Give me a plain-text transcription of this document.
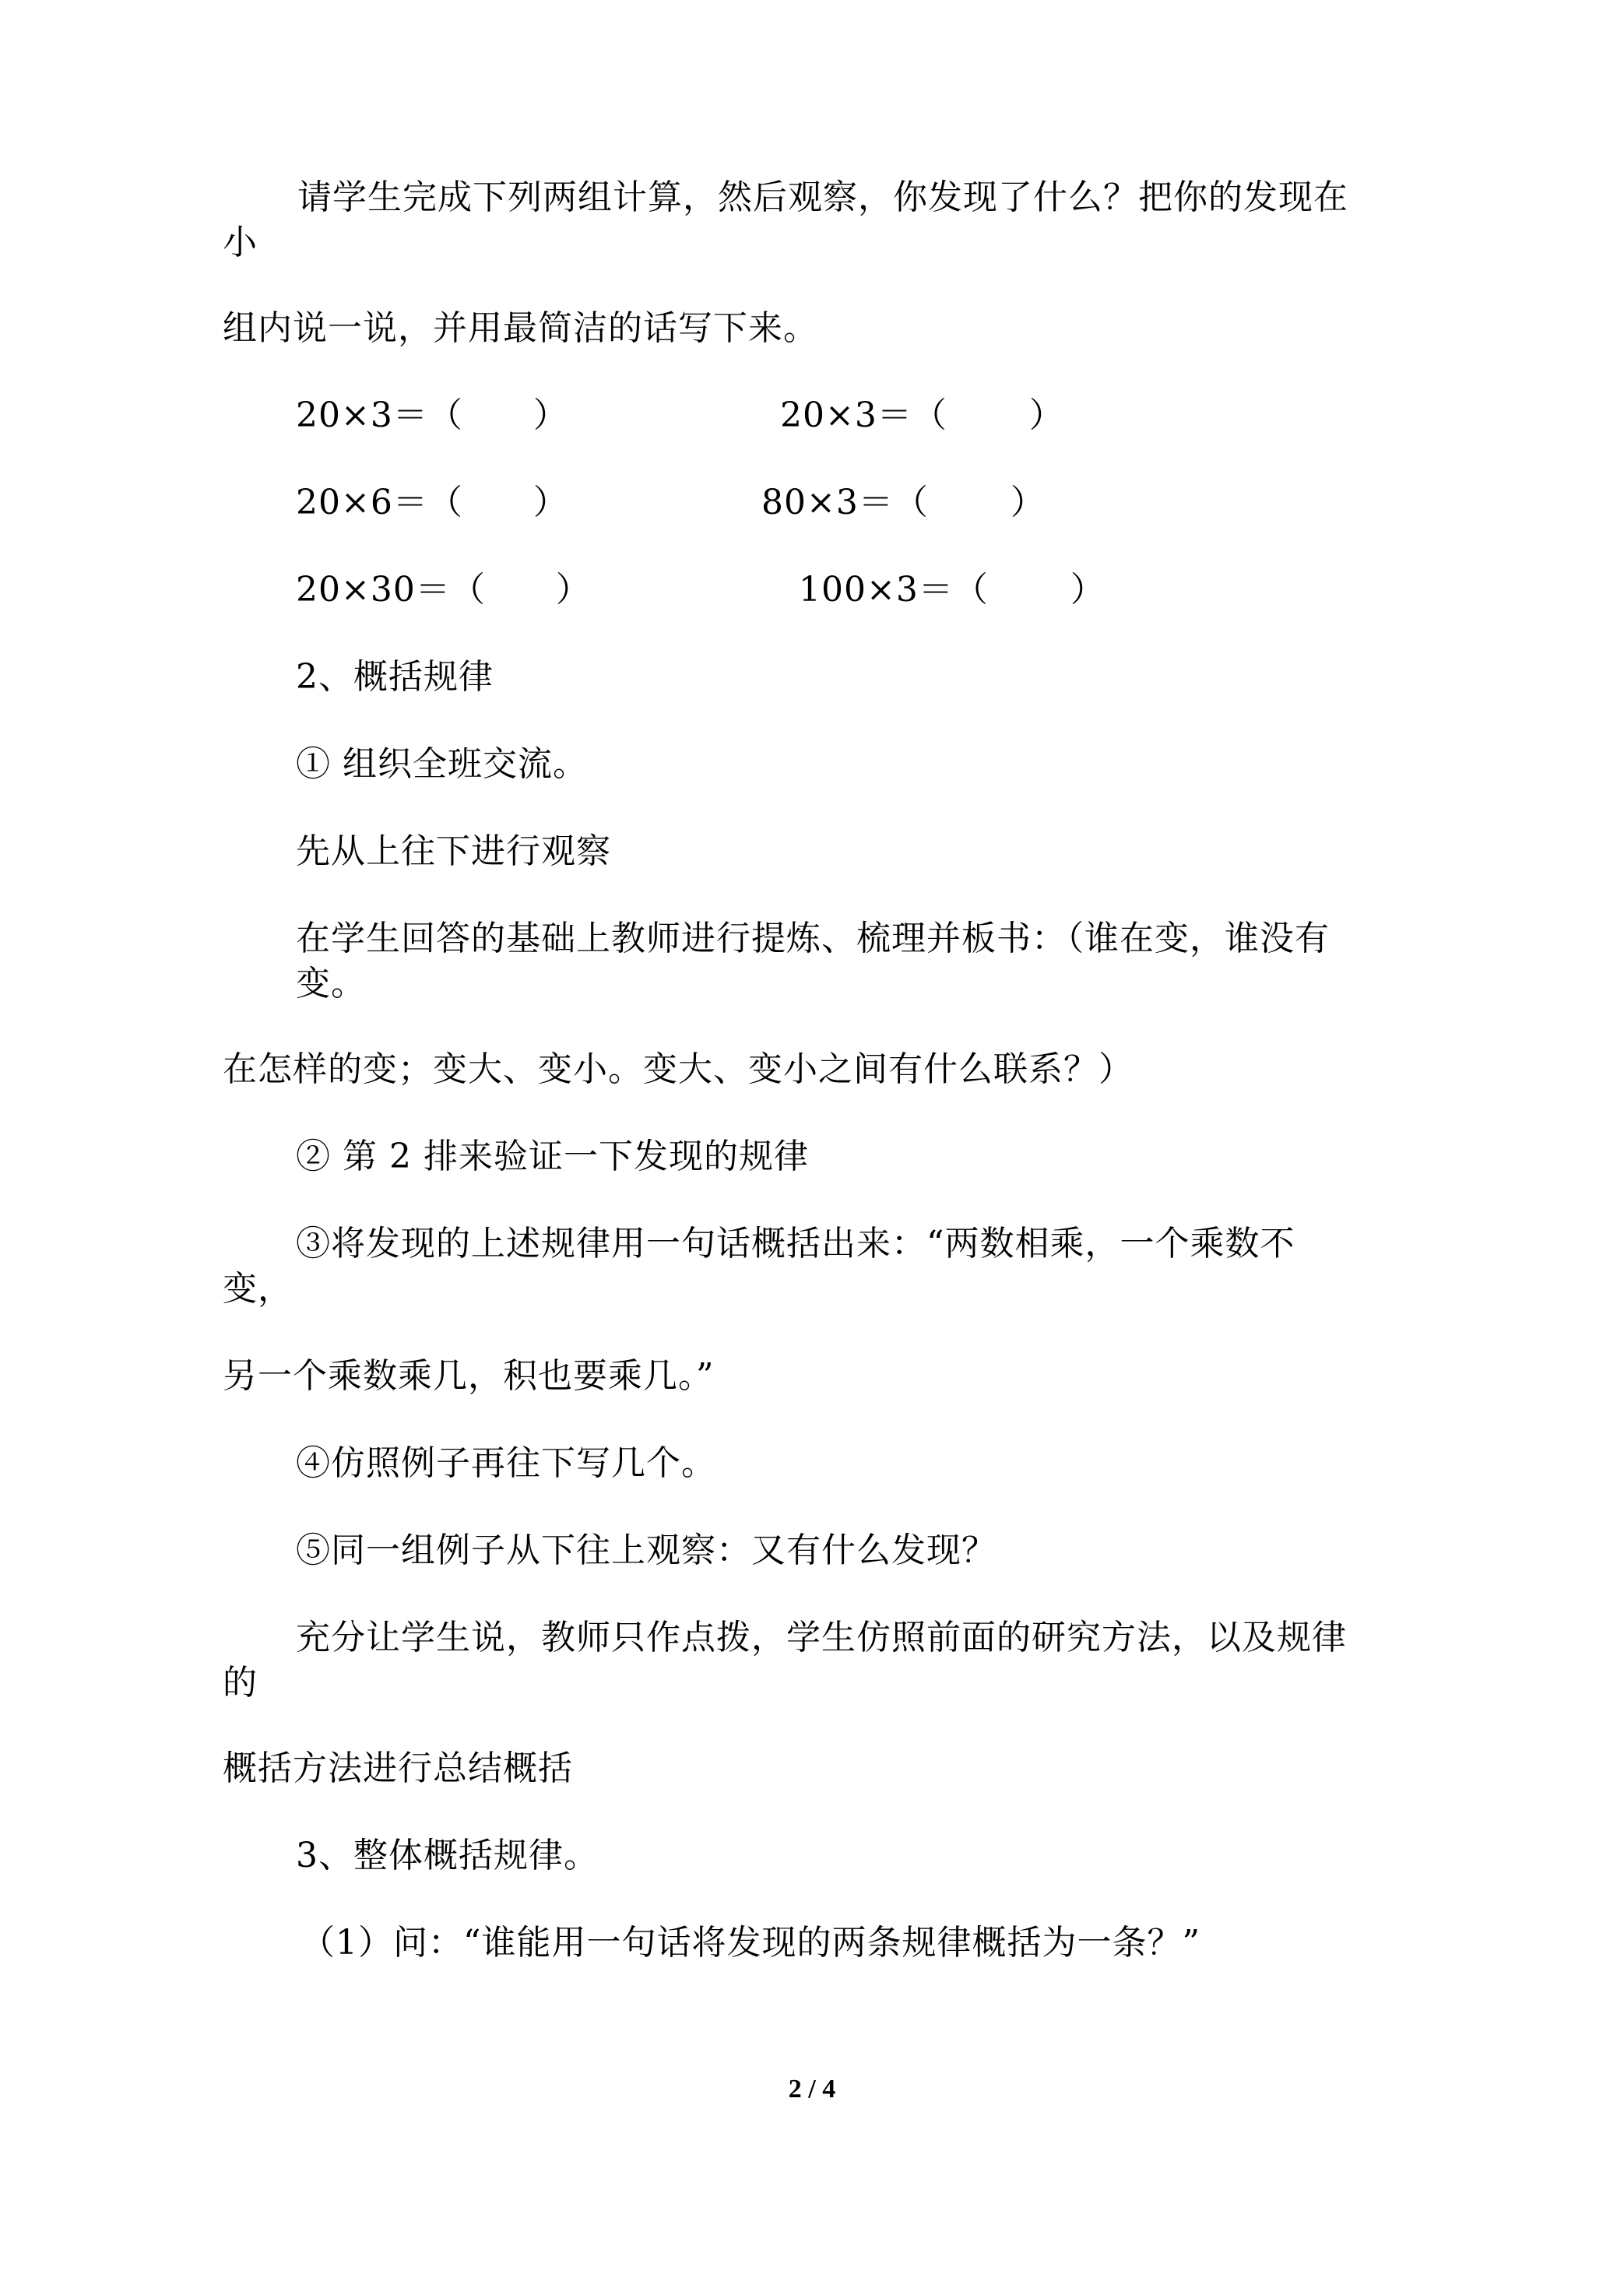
请学生完成下列两组计算，然后观察，你发现了什么？把你的发现在
小
组内说一说，并用最简洁的话写下来。
20×3＝（　　）	20×3＝（　　 ）
20×6＝（　　）	80×3＝（　　 ）
20×30＝（　　）	100×3＝（　　 ）
2、概括规律
① 组织全班交流。
先从上往下进行观察
在学生回答的基础上教师进行提炼、梳理并板书：（谁在变，谁没有
变。
在怎样的变；变大、变小。变大、变小之间有什么联系？）
② 第 2 排来验证一下发现的规律
③将发现的上述规律用一句话概括出来：“两数相乘，一个乘数不
变，
另一个乘数乘几，积也要乘几。”
④仿照例子再往下写几个。
⑤同一组例子从下往上观察：又有什么发现？
充分让学生说，教师只作点拨，学生仿照前面的研究方法，以及规律
的
概括方法进行总结概括
3、整体概括规律。
（1）问：“谁能用一句话将发现的两条规律概括为一条？”
2 / 4
